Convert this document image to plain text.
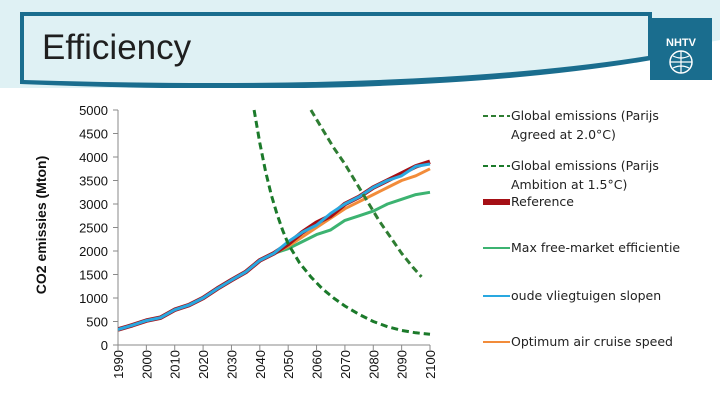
Efficiency	NHTV
0
500
1000
1500
2000
2500
3000
3500
4000
4500
5000
1990 2000 2010 2020 2030 2040 2050 2060 2070 2080 2090 2100
Global emissions (Parijs Agreed at 2.0°C)
Global emissions (Parijs Ambition at 1.5°C)
Reference
Max free-market efficientie
oude vliegtuigen slopen
Optimum air cruise speed
CO2 emissies (Mton)
